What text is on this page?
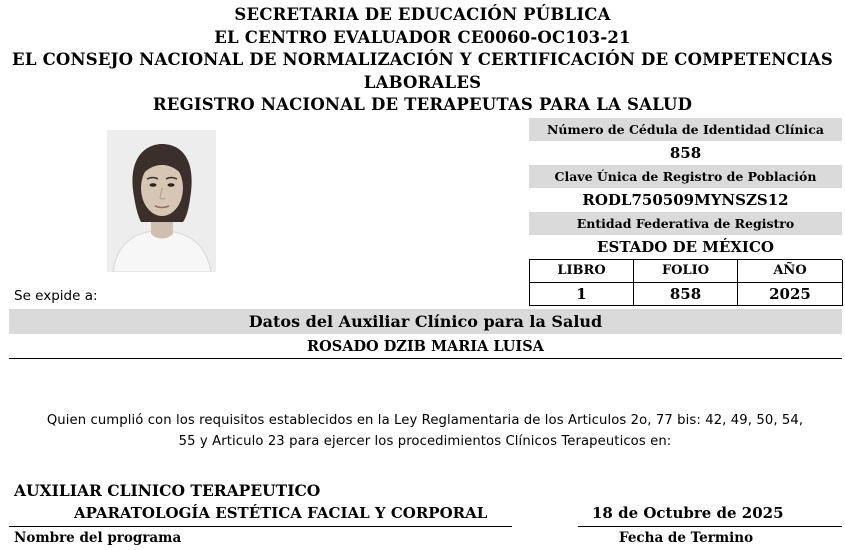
SECRETARIA DE EDUCACIÓN PÚBLICA
EL CENTRO EVALUADOR CE0060-OC103-21
EL CONSEJO NACIONAL DE NORMALIZACIÓN Y CERTIFICACIÓN DE COMPETENCIAS
LABORALES
REGISTRO NACIONAL DE TERAPEUTAS PARA LA SALUD
Número de Cédula de Identidad Clínica
858
Clave Única de Registro de Población
RODL750509MYNSZS12
Entidad Federativa de Registro
ESTADO DE MÉXICO
LIBRO	FOLIO	AÑO
1	858	2025
Se expide a:
Datos del Auxiliar Clínico para la Salud
ROSADO DZIB MARIA LUISA
Quien cumplió con los requisitos establecidos en la Ley Reglamentaria de los Articulos 2o, 77 bis: 42, 49, 50, 54,
55 y Articulo 23 para ejercer los procedimientos Clínicos Terapeuticos en:
AUXILIAR CLINICO TERAPEUTICO
APARATOLOGÍA ESTÉTICA FACIAL Y CORPORAL	18 de Octubre de 2025
Nombre del programa	Fecha de Termino
